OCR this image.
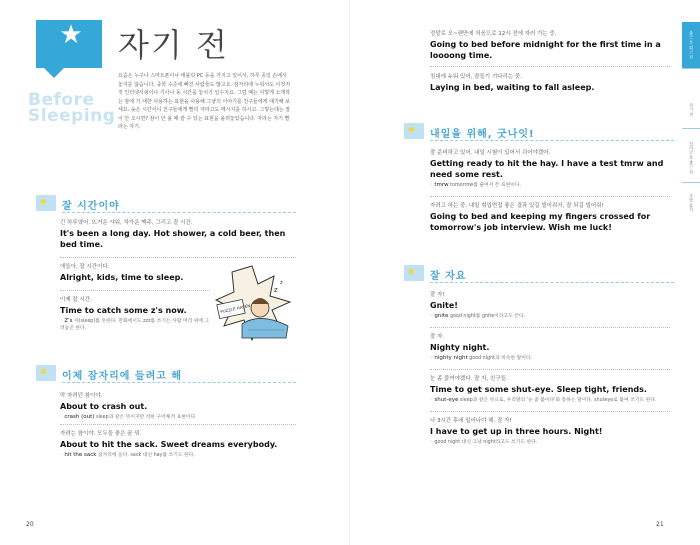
★
Before Sleeping
자기 전
요즘은 누구나 스마트폰이나 태블릿 PC 등을 가지고 있어서, 하루 종일 손에서 놓지를 않습니다. 중학 수준에 빠진 사람들도 많고요. 잠자리에 누워서도 이것저것 인터넷서핑이나 기사나 동 시간을 놓치기 일수지요. 그럴 때는 이렇게 소개하는 잠에 기 대한 사용하는 표현을 사용해 그냥의 이야기를 친구들에게 얘기해 보세요. 늦은 시간이니 친구들에게 빨리 자라고도 메시지를 하시고. 그렇는데는 잠이 안 오시면? 잠이 안 올 때 쓸 수 있는 표현을 올려놓았습니다. 자라는 자기 빨라는 자기.
잘 시간이야
긴 하루였어. 뜨거운 샤워, 차가운 맥주, 그리고 잘 시간.
It's been a long day. Hot shower, a cold beer, then bed time.
얘들아, 잘 시간이다.
Alright, kids, time to sleep.
이제 잘 시간.
Time to catch some z's now.
◦ Z's 자(sleep)를 뜻한다. 만화에서도 zzz를 쓰기는 사람 머리 위에 그려놓곤 한다.
PUZZLE HAVEN
z
z
이제 잠자리에 들려고 해
막 자려던 참이야.
About to crash out.
◦ crash (out) sleep과 같은 뜻이지만 격한 구어체적 표현이다.
자려는 참이야. 모두들 좋은 꿈 꿔.
About to hit the sack. Sweet dreams everybody.
◦ hit the sack 잠자리에 들다. sack 대신 hay를 쓰기도 한다.
20
정말로 오~랜만에 처음으로 12시 전에 자러 가는 중.
Going to bed before midnight for the first time in a loooong time.
침대에 누워 있어, 잠들기 기다리는 중.
Laying in bed, waiting to fall asleep.
내일을 위해, 굿나잇!
잘 준비하고 있어. 내일 시험이 있어서 쉬어야겠어.
Getting ready to hit the hay. I have a test tmrw and need some rest.
◦ tmrw tomorrow를 줄여서 쓴 표현이다.
자려고 하는 중. 내일 취업면접 좋은 결과 있길 빌어줘서, 잘 되길 빌어줘!
Going to bed and keeping my fingers crossed for tomorrow's job interview. Wish me luck!
잘 자요
잘 자!
Gnite!
◦ gnite good night를 gnite이라고도 쓴다.
잘 자.
Nighty night.
◦ nighty night good night과 비슷한 말이다.
눈 좀 붙여야겠다. 잘 자, 친구들.
Time to get some shut-eye. Sleep tight, friends.
◦ shut-eye sleep과 같은 뜻으로, 우리말의 '눈 좀 붙이다'와 통하는 말이다. shuteye로 붙여 쓰기도 한다.
나 3시간 후에 일어나야 해. 잘 자!
I have to get up in three hours. Night!
◦ good night 대신 그냥 night라고도 쓰기도 한다.
21
출근 후 퇴근 전
자기 전
일어난 후 출근 전
주말 휴식
